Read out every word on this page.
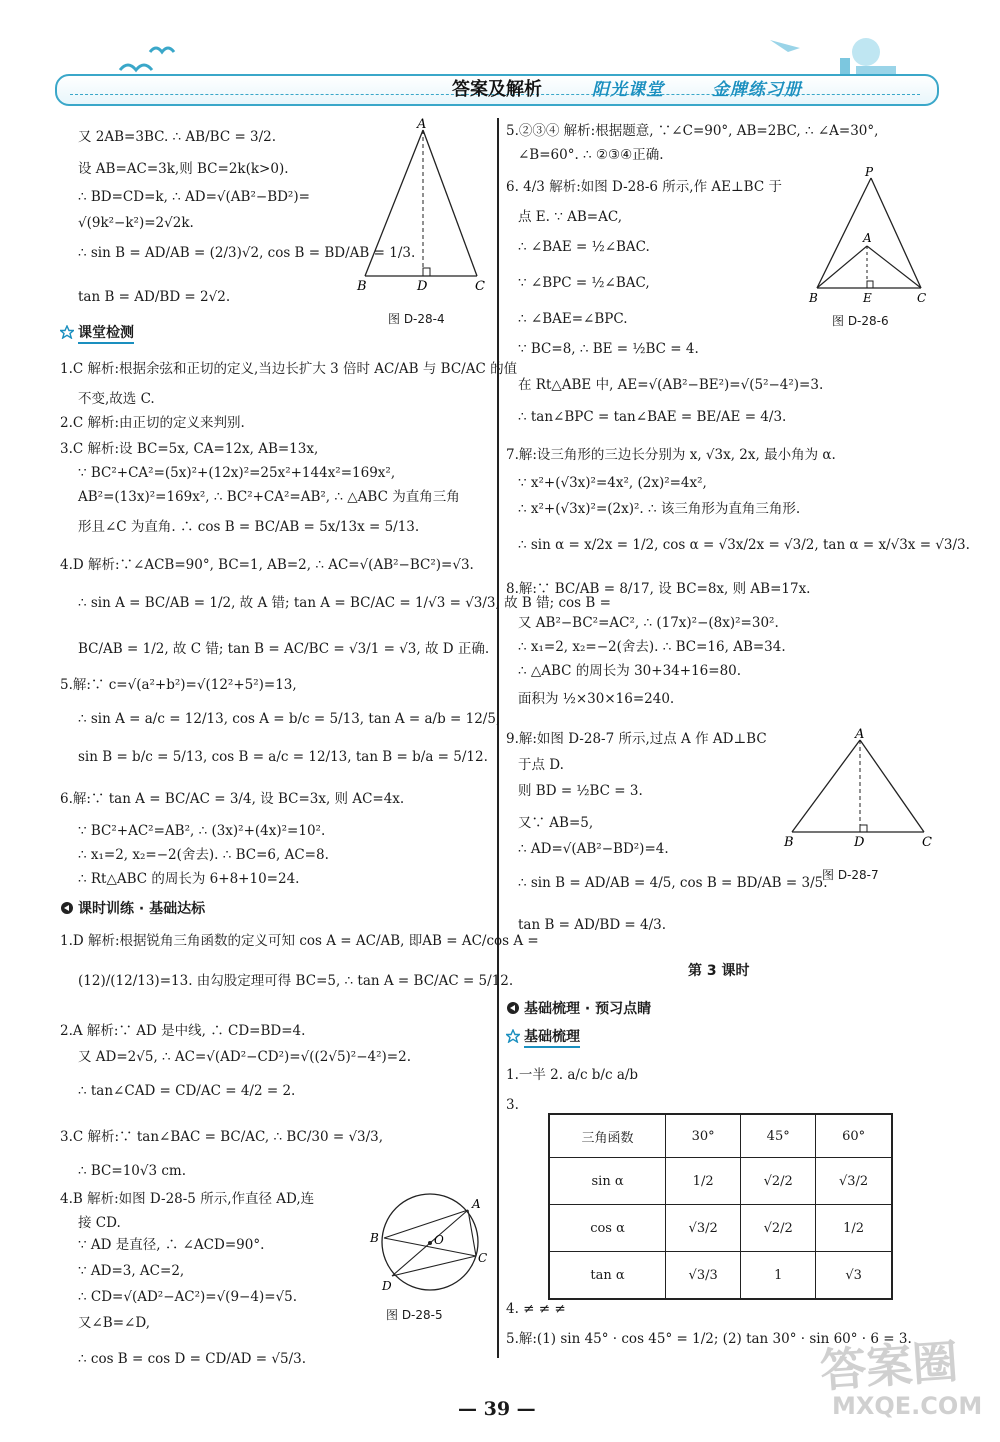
答案及解析	阳光课堂	金牌练习册
又 2AB=3BC. ∴ AB/BC = 3/2.
设 AB=AC=3k,则 BC=2k(k>0).
∴ BD=CD=k, ∴ AD=√(AB²−BD²)=
√(9k²−k²)=2√2k.
∴ sin B = AD/AB = (2/3)√2, cos B = BD/AB = 1/3.
tan B = AD/BD = 2√2.
A
B	D	C
图 D-28-4
课堂检测
1.C 解析:根据余弦和正切的定义,当边长扩大 3 倍时 AC/AB 与 BC/AC 的值
不变,故选 C.
2.C 解析:由正切的定义来判别.
3.C 解析:设 BC=5x, CA=12x, AB=13x,
∵ BC²+CA²=(5x)²+(12x)²=25x²+144x²=169x²,
AB²=(13x)²=169x², ∴ BC²+CA²=AB², ∴ △ABC 为直角三角
形且∠C 为直角. ∴ cos B = BC/AB = 5x/13x = 5/13.
4.D 解析:∵∠ACB=90°, BC=1, AB=2, ∴ AC=√(AB²−BC²)=√3.
∴ sin A = BC/AB = 1/2, 故 A 错; tan A = BC/AC = 1/√3 = √3/3, 故 B 错; cos B =
BC/AB = 1/2, 故 C 错; tan B = AC/BC = √3/1 = √3, 故 D 正确.
5.解:∵ c=√(a²+b²)=√(12²+5²)=13,
∴ sin A = a/c = 12/13, cos A = b/c = 5/13, tan A = a/b = 12/5,
sin B = b/c = 5/13, cos B = a/c = 12/13, tan B = b/a = 5/12.
6.解:∵ tan A = BC/AC = 3/4, 设 BC=3x, 则 AC=4x.
∵ BC²+AC²=AB², ∴ (3x)²+(4x)²=10².
∴ x₁=2, x₂=−2(舍去). ∴ BC=6, AC=8.
∴ Rt△ABC 的周长为 6+8+10=24.
课时训练 · 基础达标
1.D 解析:根据锐角三角函数的定义可知 cos A = AC/AB, 即AB = AC/cos A =
(12)/(12/13)=13. 由勾股定理可得 BC=5, ∴ tan A = BC/AC = 5/12.
2.A 解析:∵ AD 是中线, ∴ CD=BD=4.
又 AD=2√5, ∴ AC=√(AD²−CD²)=√((2√5)²−4²)=2.
∴ tan∠CAD = CD/AC = 4/2 = 2.
3.C 解析:∵ tan∠BAC = BC/AC, ∴ BC/30 = √3/3,
∴ BC=10√3 cm.
4.B 解析:如图 D-28-5 所示,作直径 AD,连
接 CD.
∵ AD 是直径, ∴ ∠ACD=90°.
∵ AD=3, AC=2,
∴ CD=√(AD²−AC²)=√(9−4)=√5.
又∠B=∠D,
∴ cos B = cos D = CD/AD = √5/3.
A
B	O
C
D
图 D-28-5
5.②③④ 解析:根据题意, ∵∠C=90°, AB=2BC, ∴ ∠A=30°,
∠B=60°. ∴ ②③④正确.
6. 4/3 解析:如图 D-28-6 所示,作 AE⊥BC 于
点 E. ∵ AB=AC,
∴ ∠BAE = ½∠BAC.
∵ ∠BPC = ½∠BAC,
∴ ∠BAE=∠BPC.
∵ BC=8, ∴ BE = ½BC = 4.
在 Rt△ABE 中, AE=√(AB²−BE²)=√(5²−4²)=3.
∴ tan∠BPC = tan∠BAE = BE/AE = 4/3.
7.解:设三角形的三边长分别为 x, √3x, 2x, 最小角为 α.
∵ x²+(√3x)²=4x², (2x)²=4x²,
∴ x²+(√3x)²=(2x)². ∴ 该三角形为直角三角形.
∴ sin α = x/2x = 1/2, cos α = √3x/2x = √3/2, tan α = x/√3x = √3/3.
8.解:∵ BC/AB = 8/17, 设 BC=8x, 则 AB=17x.
又 AB²−BC²=AC², ∴ (17x)²−(8x)²=30².
∴ x₁=2, x₂=−2(舍去). ∴ BC=16, AB=34.
∴ △ABC 的周长为 30+34+16=80.
面积为 ½×30×16=240.
9.解:如图 D-28-7 所示,过点 A 作 AD⊥BC
于点 D.
则 BD = ½BC = 3.
又∵ AB=5,
∴ AD=√(AB²−BD²)=4.
∴ sin B = AD/AB = 4/5, cos B = BD/AB = 3/5.
tan B = AD/BD = 4/3.
P
A
B	E	C
图 D-28-6
A
B	D	C
图 D-28-7
第 3 课时
基础梳理 · 预习点睛
基础梳理
1.一半 2. a/c b/c a/b
3.
三角函数	30°	45°	60°
sin α	1/2	√2/2	√3/2
cos α	√3/2	√2/2	1/2
tan α	√3/3	1	√3
4. ≠ ≠ ≠
5.解:(1) sin 45° · cos 45° = 1/2; (2) tan 30° · sin 60° · 6 = 3.
— 39 —
答案圈
MXQE.COM
